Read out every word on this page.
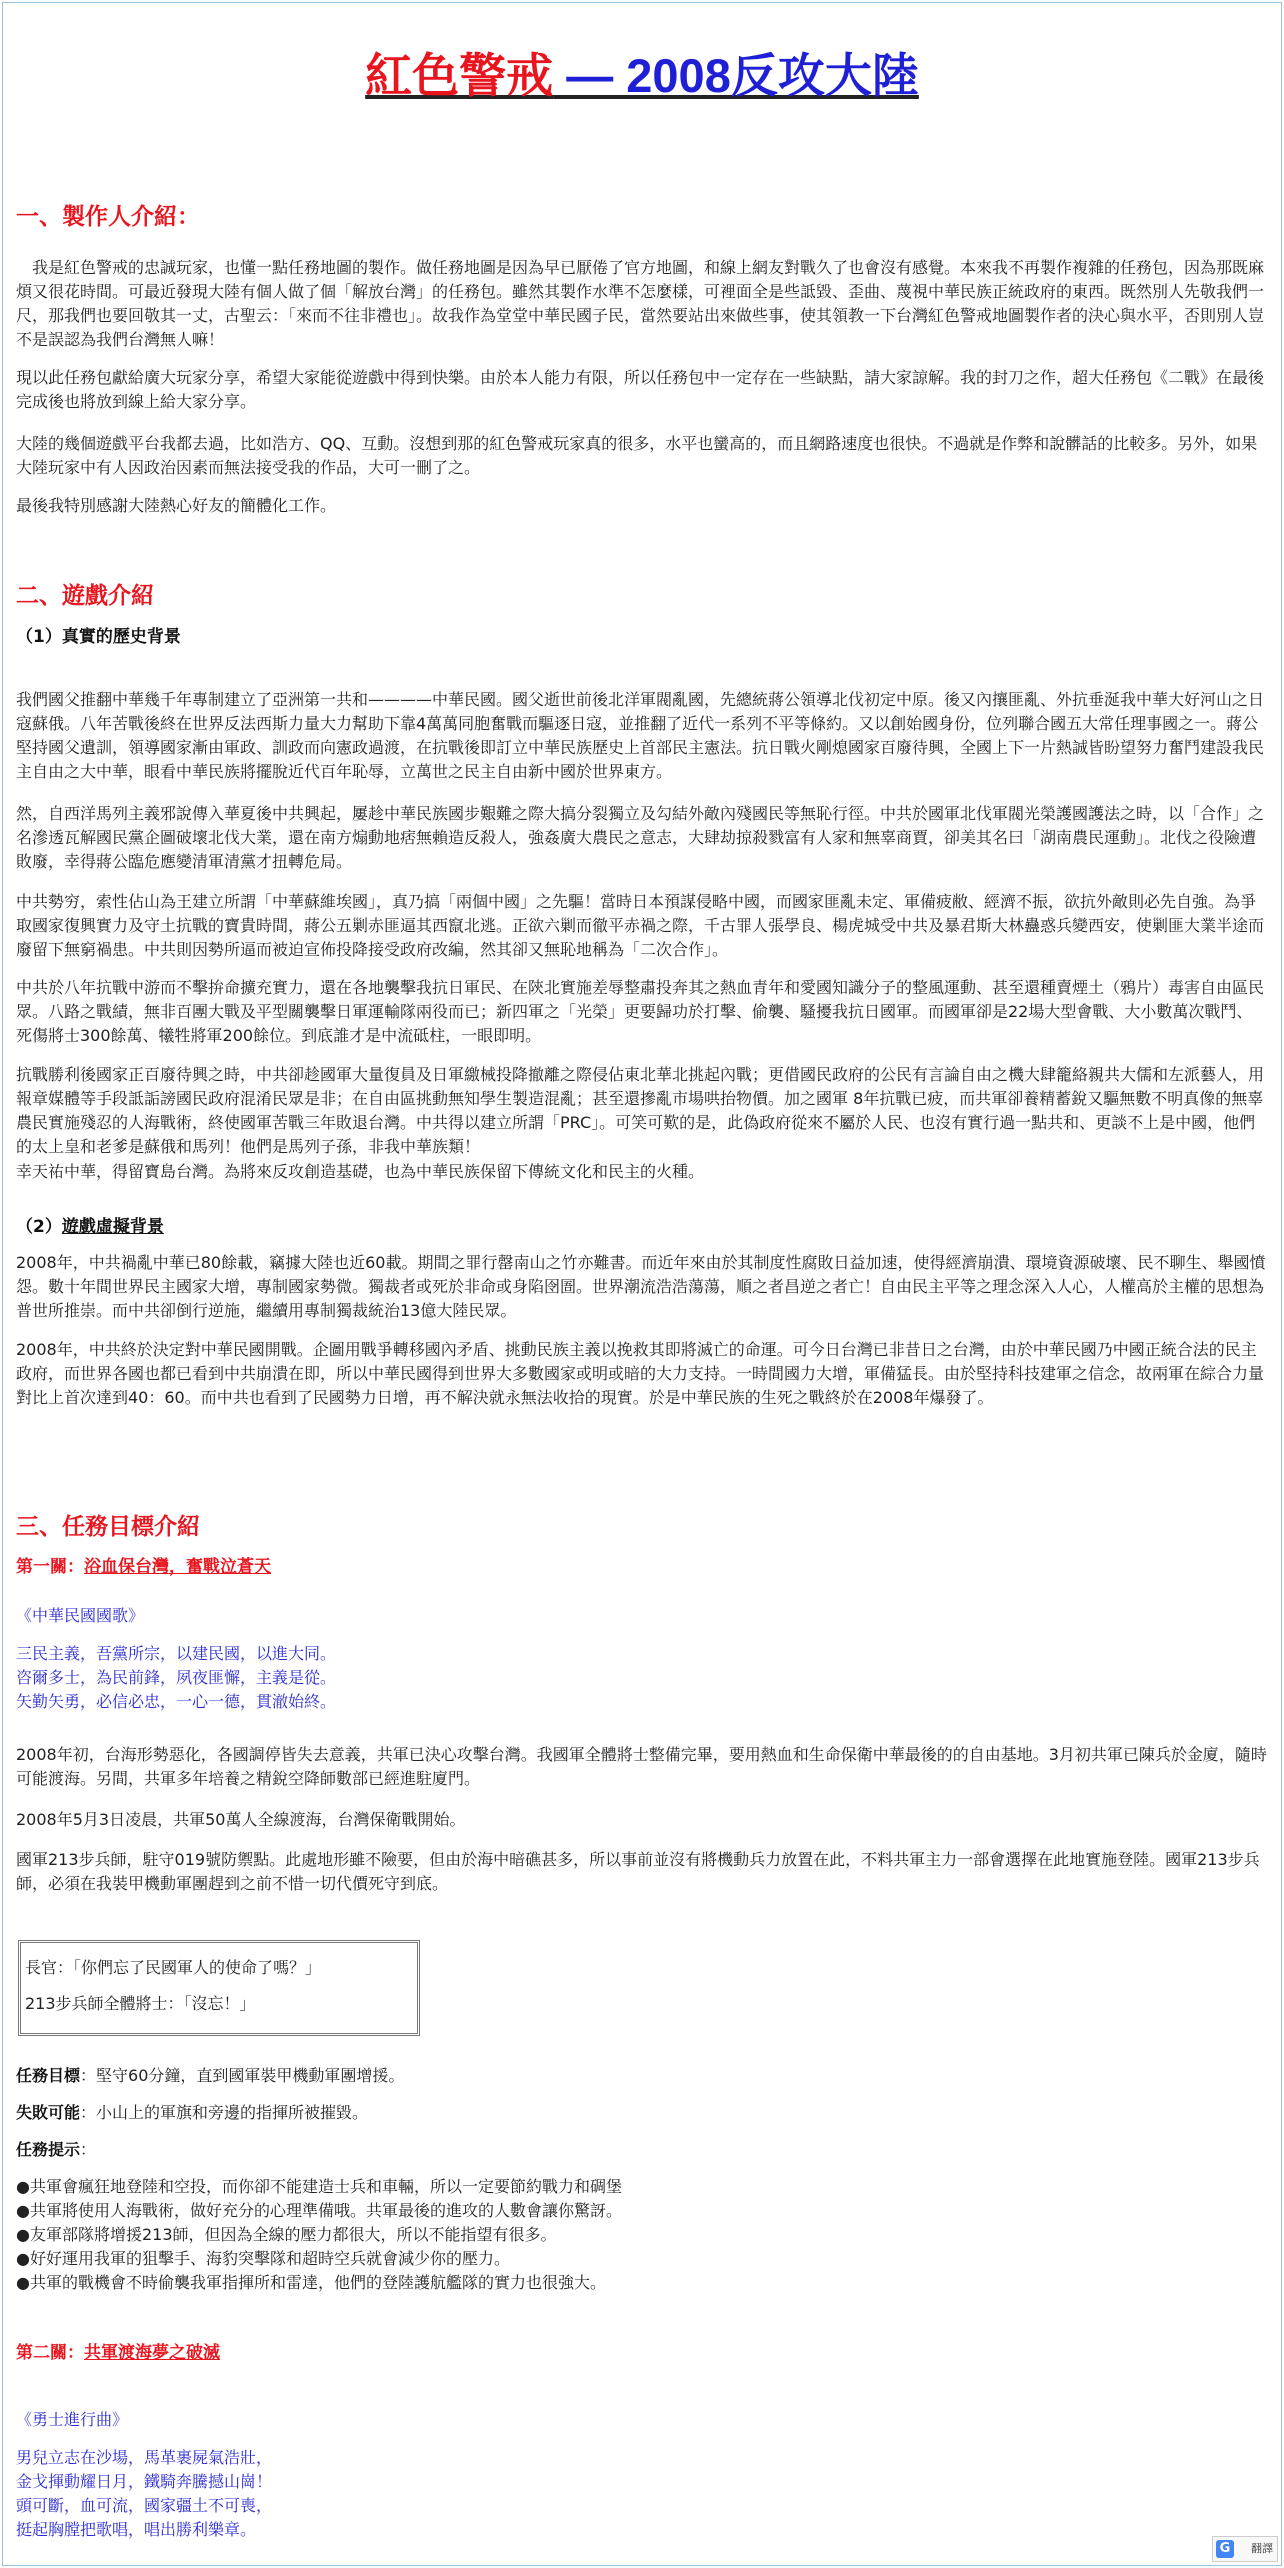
紅色警戒 — 2008反攻大陸
一、製作人介紹：

　我是紅色警戒的忠誠玩家，也懂一點任務地圖的製作。做任務地圖是因為早已厭倦了官方地圖，和線上網友對戰久了也會沒有感覺。本來我不再製作複雜的任務包，因為那既麻煩又很花時間。可最近發現大陸有個人做了個「解放台灣」的任務包。雖然其製作水準不怎麼樣，可裡面全是些詆毀、歪曲、蔑視中華民族正統政府的東西。既然別人先敬我們一尺，那我們也要回敬其一丈，古聖云：「來而不往非禮也」。故我作為堂堂中華民國子民，當然要站出來做些事，使其領教一下台灣紅色警戒地圖製作者的決心與水平，否則別人豈不是誤認為我們台灣無人嘛！

現以此任務包獻給廣大玩家分享，希望大家能從遊戲中得到快樂。由於本人能力有限，所以任務包中一定存在一些缺點，請大家諒解。我的封刀之作，超大任務包《二戰》在最後完成後也將放到線上給大家分享。

大陸的幾個遊戲平台我都去過，比如浩方、QQ、互動。沒想到那的紅色警戒玩家真的很多，水平也蠻高的，而且網路速度也很快。不過就是作弊和說髒話的比較多。另外，如果大陸玩家中有人因政治因素而無法接受我的作品，大可一刪了之。

最後我特別感謝大陸熱心好友的簡體化工作。

二、遊戲介紹
（1）真實的歷史背景

我們國父推翻中華幾千年專制建立了亞洲第一共和————中華民國。國父逝世前後北洋軍閥亂國，先總統蔣公領導北伐初定中原。後又內攘匪亂、外抗垂涎我中華大好河山之日寇蘇俄。八年苦戰後終在世界反法西斯力量大力幫助下靠4萬萬同胞奮戰而驅逐日寇，並推翻了近代一系列不平等條約。又以創始國身份，位列聯合國五大常任理事國之一。蔣公堅持國父遺訓，領導國家漸由軍政、訓政而向憲政過渡，在抗戰後即訂立中華民族歷史上首部民主憲法。抗日戰火剛熄國家百廢待興，全國上下一片熱誠皆盼望努力奮鬥建設我民主自由之大中華，眼看中華民族將擺脫近代百年恥辱，立萬世之民主自由新中國於世界東方。

然，自西洋馬列主義邪說傳入華夏後中共興起，屢趁中華民族國步艱難之際大搞分裂獨立及勾結外敵內殘國民等無恥行徑。中共於國軍北伐軍閥光榮護國護法之時，以「合作」之名滲透瓦解國民黨企圖破壞北伐大業，還在南方煽動地痞無賴造反殺人，強姦廣大農民之意志，大肆劫掠殺戮富有人家和無辜商賈，卻美其名曰「湖南農民運動」。北伐之役險遭敗廢，幸得蔣公臨危應變清軍清黨才扭轉危局。

中共勢穷，索性佔山為王建立所謂「中華蘇維埃國」，真乃搞「兩個中國」之先驅！當時日本預謀侵略中國，而國家匪亂未定、軍備疲敝、經濟不振，欲抗外敵則必先自強。為爭取國家復興實力及守土抗戰的寶貴時間，蔣公五剿赤匪逼其西竄北逃。正欲六剿而徹平赤禍之際，千古罪人張學良、楊虎城受中共及暴君斯大林蠱惑兵變西安，使剿匪大業半途而廢留下無窮禍患。中共則因勢所逼而被迫宣佈投降接受政府改編，然其卻又無恥地稱為「二次合作」。

中共於八年抗戰中游而不擊拚命擴充實力，還在各地襲擊我抗日軍民、在陝北實施差辱整肅投奔其之熱血青年和愛國知識分子的整風運動、甚至還種賣煙土（鴉片）毒害自由區民眾。八路之戰績，無非百團大戰及平型關襲擊日軍運輸隊兩役而已；新四軍之「光榮」更要歸功於打擊、偷襲、騷擾我抗日國軍。而國軍卻是22場大型會戰、大小數萬次戰鬥、死傷將士300餘萬、犧牲將軍200餘位。到底誰才是中流砥柱，一眼即明。

抗戰勝利後國家正百廢待興之時，中共卻趁國軍大量復員及日軍繳械投降撤離之際侵佔東北華北挑起內戰；更借國民政府的公民有言論自由之機大肆籠絡親共大儒和左派藝人，用報章媒體等手段詆詬謗國民政府混淆民眾是非；在自由區挑動無知學生製造混亂；甚至還摻亂市場哄抬物價。加之國軍 8年抗戰已疲，而共軍卻養精蓄銳又驅無數不明真像的無辜農民實施殘忍的人海戰術，終使國軍苦戰三年敗退台灣。中共得以建立所謂「PRC」。可笑可歎的是，此偽政府從來不屬於人民、也沒有實行過一點共和、更談不上是中國，他們的太上皇和老爹是蘇俄和馬列！他們是馬列子孫，非我中華族類！

幸天祐中華，得留寶島台灣。為將來反攻創造基礎，也為中華民族保留下傳統文化和民主的火種。

（2）遊戲虛擬背景

2008年，中共禍亂中華已80餘載，竊據大陸也近60載。期間之罪行罄南山之竹亦難書。而近年來由於其制度性腐敗日益加速，使得經濟崩潰、環境資源破壞、民不聊生、舉國憤怨。數十年間世界民主國家大增，專制國家勢微。獨裁者或死於非命或身陷囹圄。世界潮流浩浩蕩蕩，順之者昌逆之者亡！自由民主平等之理念深入人心，人權高於主權的思想為普世所推崇。而中共卻倒行逆施，繼續用專制獨裁統治13億大陸民眾。

2008年，中共終於決定對中華民國開戰。企圖用戰爭轉移國內矛盾、挑動民族主義以挽救其即將滅亡的命運。可今日台灣已非昔日之台灣，由於中華民國乃中國正統合法的民主政府，而世界各國也都已看到中共崩潰在即，所以中華民國得到世界大多數國家或明或暗的大力支持。一時間國力大增，軍備猛長。由於堅持科技建軍之信念，故兩軍在綜合力量對比上首次達到40：60。而中共也看到了民國勢力日增，再不解決就永無法收拾的現實。於是中華民族的生死之戰終於在2008年爆發了。

三、任務目標介紹
第一關：浴血保台灣，奮戰泣蒼天
《中華民國國歌》
三民主義，吾黨所宗，以建民國，以進大同。
咨爾多士，為民前鋒，夙夜匪懈，主義是從。
矢勤矢勇，必信必忠，一心一德，貫澈始終。

2008年初，台海形勢惡化，各國調停皆失去意義，共軍已決心攻擊台灣。我國軍全體將士整備完畢，要用熱血和生命保衛中華最後的的自由基地。3月初共軍已陳兵於金廈，隨時可能渡海。另間，共軍多年培養之精銳空降師數部已經進駐廈門。

2008年5月3日凌晨，共軍50萬人全線渡海，台灣保衛戰開始。

國軍213步兵師，駐守019號防禦點。此處地形雖不險要，但由於海中暗礁甚多，所以事前並沒有將機動兵力放置在此，不料共軍主力一部會選擇在此地實施登陸。國軍213步兵師，必須在我裝甲機動軍團趕到之前不惜一切代價死守到底。

長官：「你們忘了民國軍人的使命了嗎？」
213步兵師全體將士：「沒忘！」

任務目標：堅守60分鐘，直到國軍裝甲機動軍團增援。

失敗可能：小山上的軍旗和旁邊的指揮所被摧毀。

任務提示：

●共軍會瘋狂地登陸和空投，而你卻不能建造士兵和車輛，所以一定要節約戰力和碉堡
●共軍將使用人海戰術，做好充分的心理準備哦。共軍最後的進攻的人數會讓你驚訝。
●友軍部隊將增援213師，但因為全線的壓力都很大，所以不能指望有很多。
●好好運用我軍的狙擊手、海豹突擊隊和超時空兵就會減少你的壓力。
●共軍的戰機會不時偷襲我軍指揮所和雷達，他們的登陸護航艦隊的實力也很強大。
第二關：共軍渡海夢之破滅
《勇士進行曲》
男兒立志在沙場，馬革裹屍氣浩壯，
金戈揮動耀日月，鐵騎奔騰撼山崗！
頭可斷，血可流，國家疆土不可喪，
挺起胸膛把歌唱，唱出勝利樂章。
G	翻譯
